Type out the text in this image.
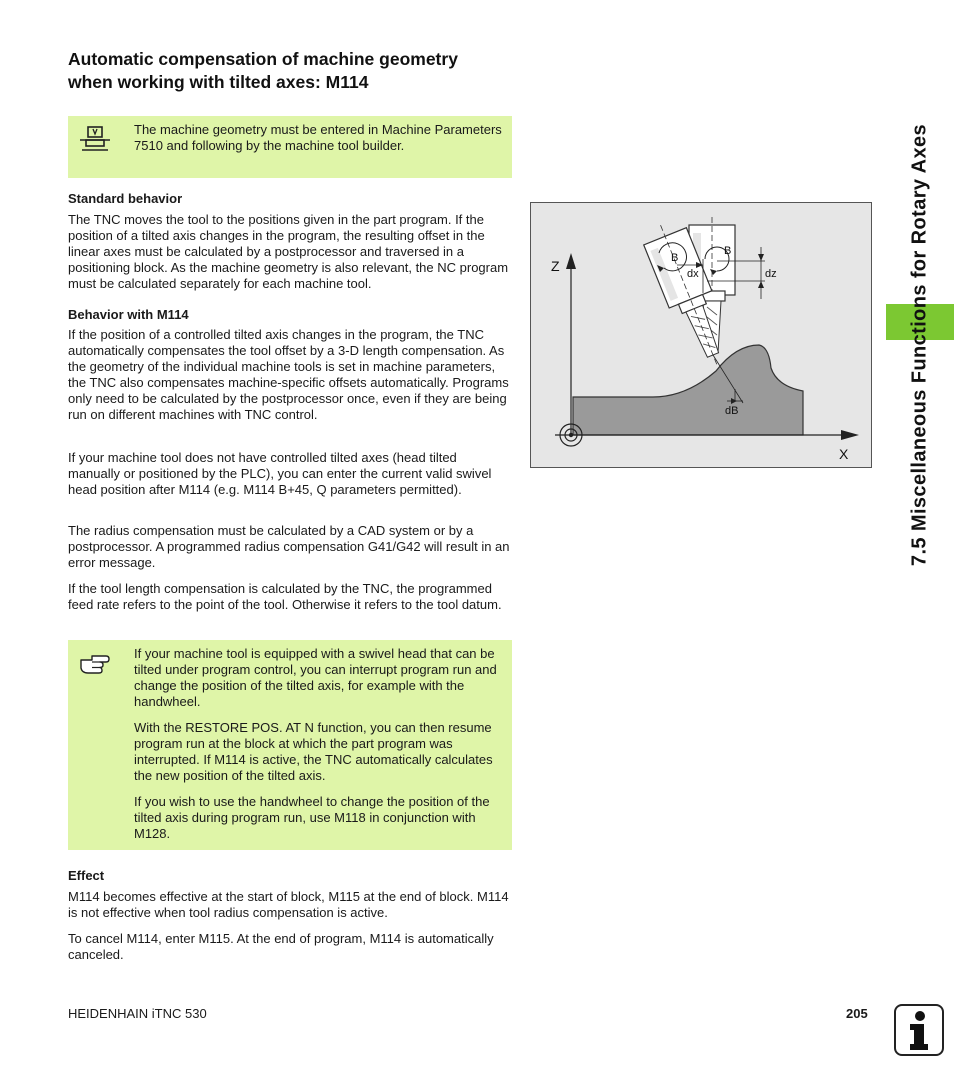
Automatic compensation of machine geometry
when working with tilted axes: M114

The machine geometry must be entered in Machine Parameters 7510 and following by the machine tool builder.

Standard behavior

The TNC moves the tool to the positions given in the part program. If the position of a tilted axis changes in the program, the resulting offset in the linear axes must be calculated by a postprocessor and traversed in a positioning block. As the machine geometry is also relevant, the NC program must be calculated separately for each machine tool.

Behavior with M114

If the position of a controlled tilted axis changes in the program, the TNC automatically compensates the tool offset by a 3-D length compensation. As the geometry of the individual machine tools is set in machine parameters, the TNC also compensates machine-specific offsets automatically. Programs only need to be calculated by the postprocessor once, even if they are being run on different machines with TNC control.

If your machine tool does not have controlled tilted axes (head tilted manually or positioned by the PLC), you can enter the current valid swivel head position after M114 (e.g. M114 B+45, Q parameters permitted).

The radius compensation must be calculated by a CAD system or by a postprocessor. A programmed radius compensation G41/G42 will result in an error message.

If the tool length compensation is calculated by the TNC, the programmed feed rate refers to the point of the tool. Otherwise it refers to the tool datum.

If your machine tool is equipped with a swivel head that can be tilted under program control, you can interrupt program run and change the position of the tilted axis, for example with the handwheel.

With the RESTORE POS. AT N function, you can then resume program run at the block at which the part program was interrupted. If M114 is active, the TNC automatically calculates the new position of the tilted axis.

If you wish to use the handwheel to change the position of the tilted axis during program run, use M118 in conjunction with M128.

Effect

M114 becomes effective at the start of block, M115 at the end of block. M114 is not effective when tool radius compensation is active.

To cancel M114, enter M115. At the end of program, M114 is automatically canceled.

Z
X
B
B
dx	dz
dB	7.5 Miscellaneous Functions for Rotary Axes
HEIDENHAIN iTNC 530	205
